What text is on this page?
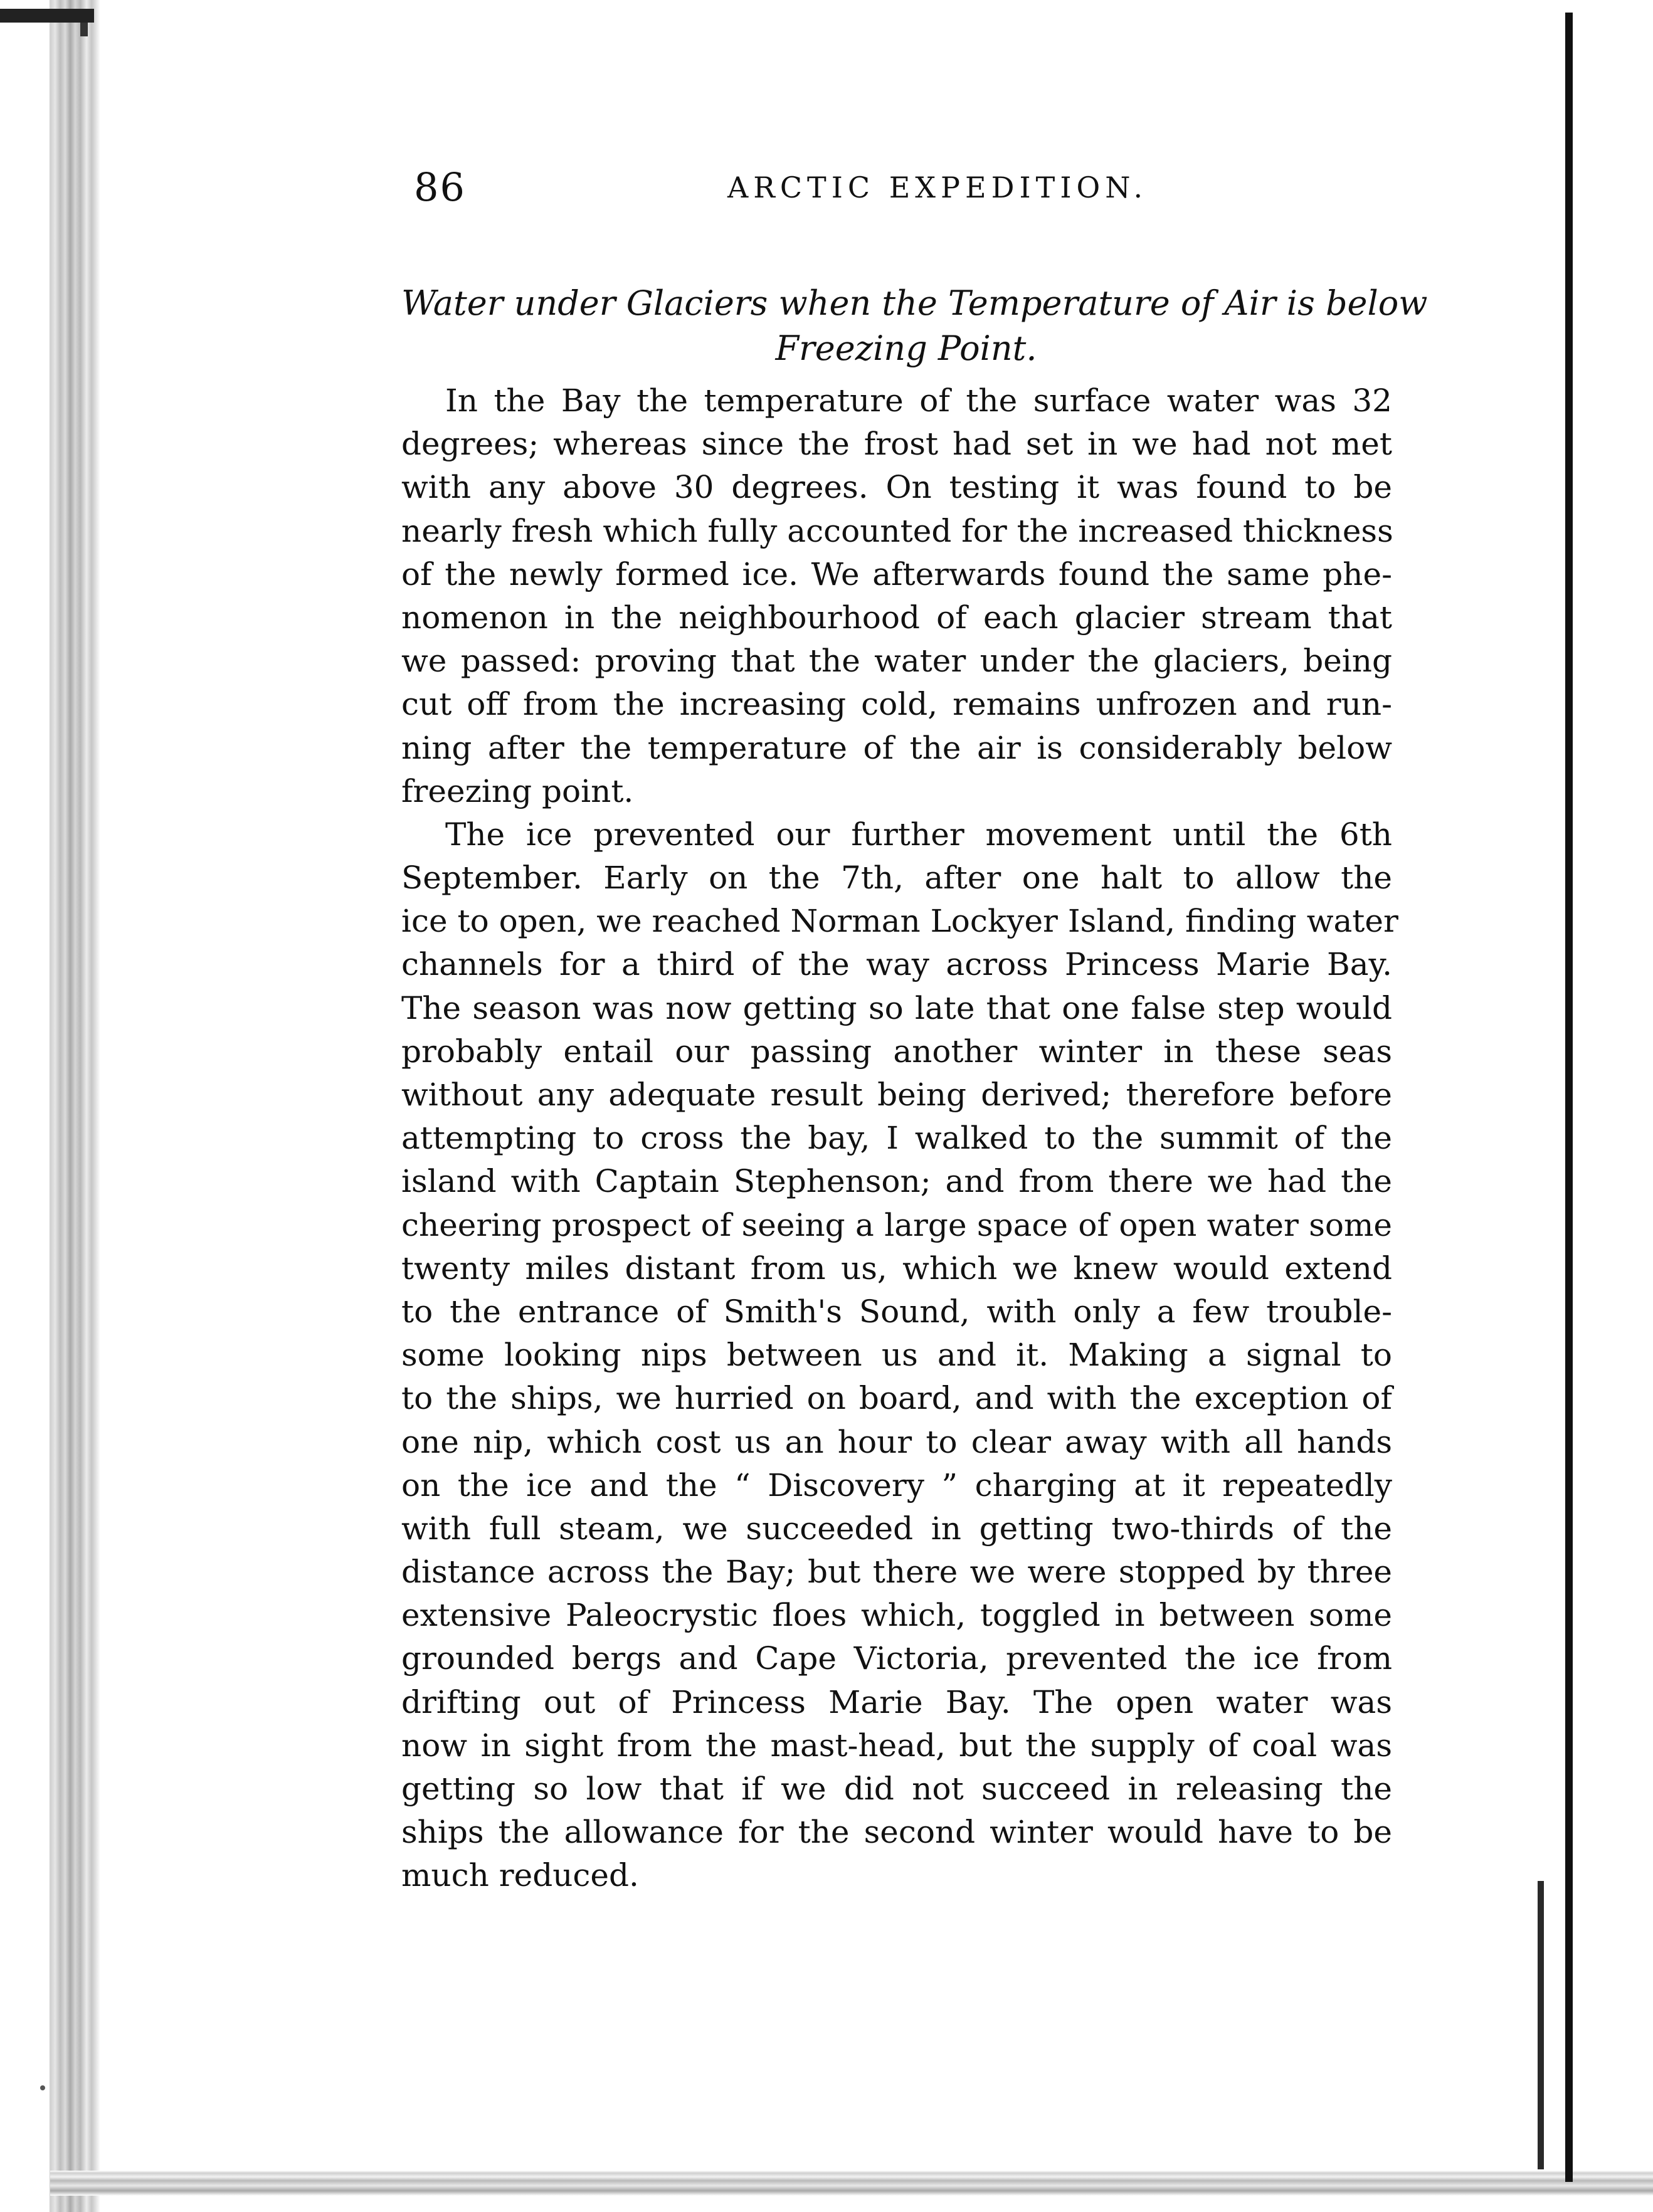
86	ARCTIC EXPEDITION.
Water under Glaciers when the Temperature of Air is below
Freezing Point.
In the Bay the temperature of the surface water was 32
degrees; whereas since the frost had set in we had not met
with any above 30 degrees. On testing it was found to be
nearly fresh which fully accounted for the increased thickness
of the newly formed ice. We afterwards found the same phe-
nomenon in the neighbourhood of each glacier stream that
we passed: proving that the water under the glaciers, being
cut off from the increasing cold, remains unfrozen and run-
ning after the temperature of the air is considerably below
freezing point.
The ice prevented our further movement until the 6th
September. Early on the 7th, after one halt to allow the
ice to open, we reached Norman Lockyer Island, finding water
channels for a third of the way across Princess Marie Bay.
The season was now getting so late that one false step would
probably entail our passing another winter in these seas
without any adequate result being derived; therefore before
attempting to cross the bay, I walked to the summit of the
island with Captain Stephenson; and from there we had the
cheering prospect of seeing a large space of open water some
twenty miles distant from us, which we knew would extend
to the entrance of Smith's Sound, with only a few trouble-
some looking nips between us and it. Making a signal to
to the ships, we hurried on board, and with the exception of
one nip, which cost us an hour to clear away with all hands
on the ice and the “ Discovery ” charging at it repeatedly
with full steam, we succeeded in getting two-thirds of the
distance across the Bay; but there we were stopped by three
extensive Paleocrystic floes which, toggled in between some
grounded bergs and Cape Victoria, prevented the ice from
drifting out of Princess Marie Bay. The open water was
now in sight from the mast-head, but the supply of coal was
getting so low that if we did not succeed in releasing the
ships the allowance for the second winter would have to be
much reduced.
